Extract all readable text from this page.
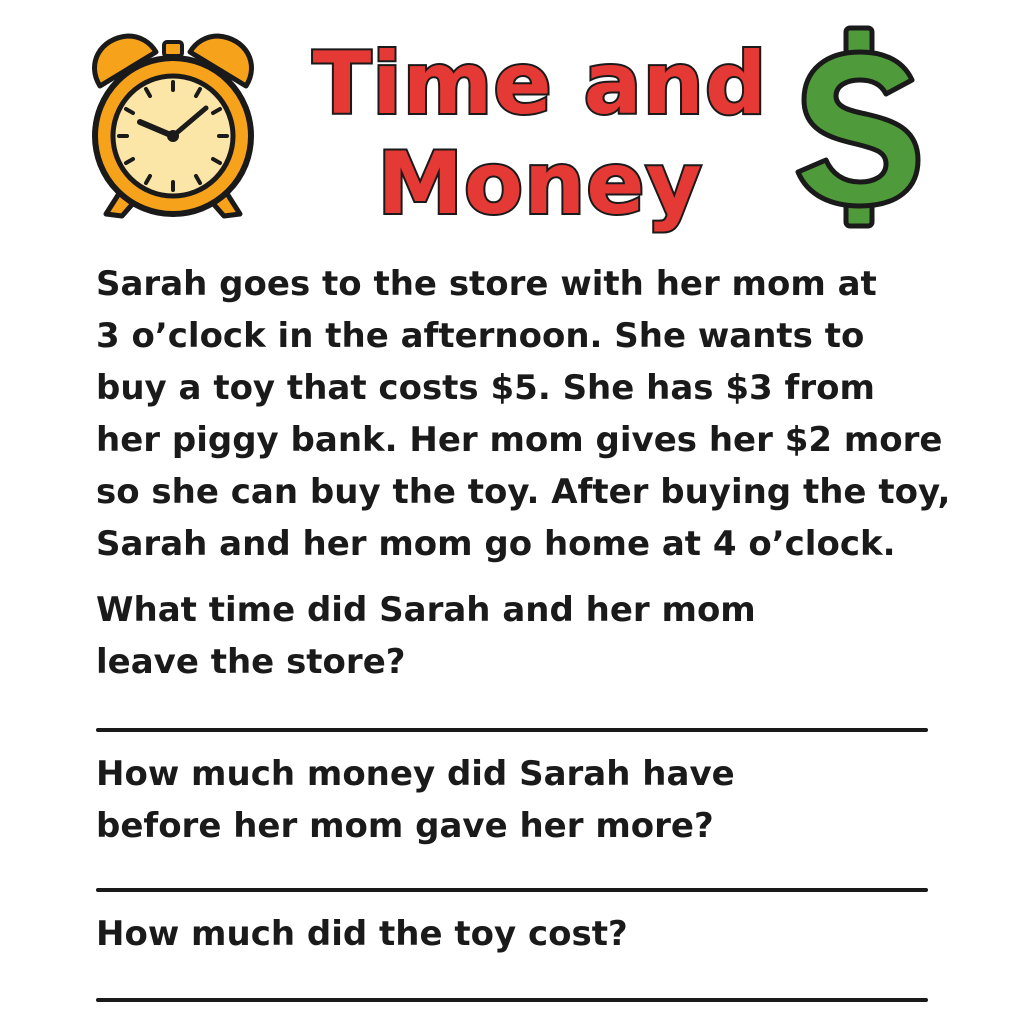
Time and
Money
Sarah goes to the store with her mom at
3 o’clock in the afternoon. She wants to
buy a toy that costs $5. She has $3 from
her piggy bank. Her mom gives her $2 more
so she can buy the toy. After buying the toy,
Sarah and her mom go home at 4 o’clock.
What time did Sarah and her mom
leave the store?
How much money did Sarah have
before her mom gave her more?
How much did the toy cost?
